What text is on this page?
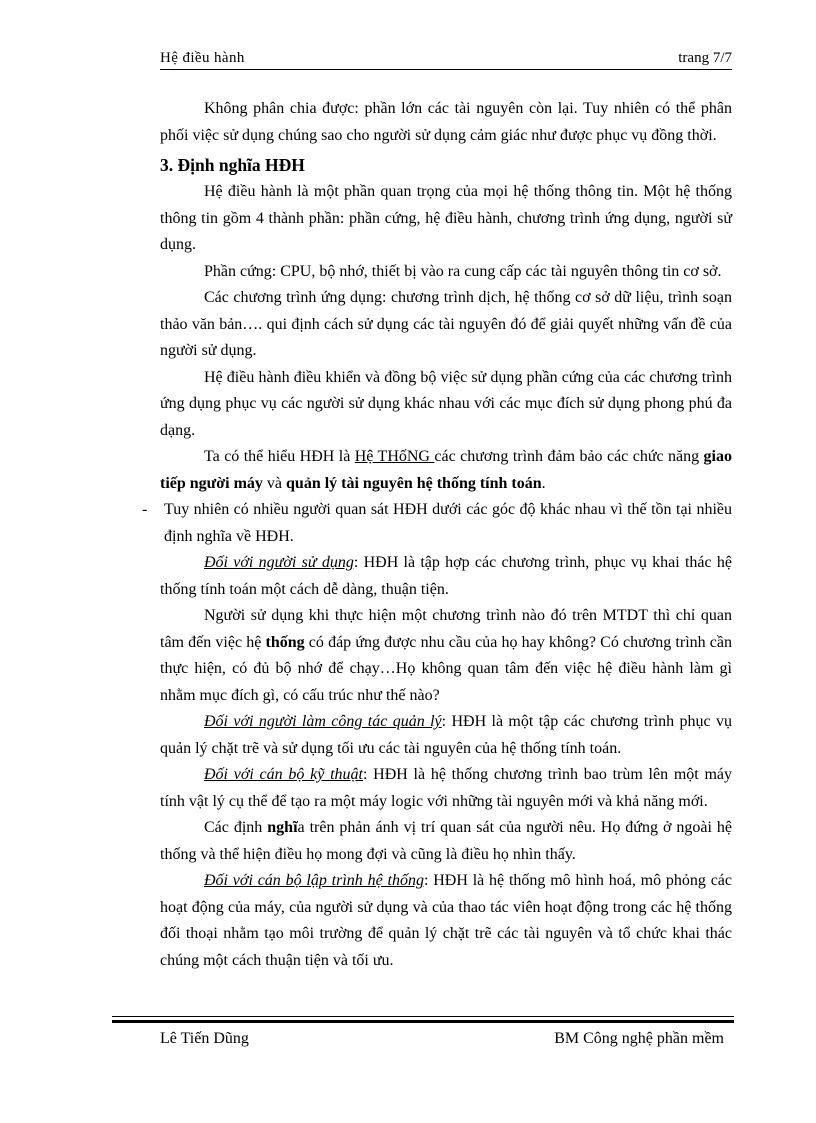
Hệ điều hành	trang 7/7

Không phân chia được: phần lớn các tài nguyên còn lại. Tuy nhiên có thể phân phối việc sử dụng chúng sao cho người sử dụng cảm giác như được phục vụ đồng thời.

3. Định nghĩa HĐH

Hệ điều hành là một phần quan trọng của mọi hệ thống thông tin. Một hệ thống thông tin gồm 4 thành phần: phần cứng, hệ điều hành, chương trình ứng dụng, người sử dụng.

Phần cứng: CPU, bộ nhớ, thiết bị vào ra cung cấp các tài nguyên thông tin cơ sở.

Các chương trình ứng dụng: chương trình dịch, hệ thống cơ sở dữ liệu, trình soạn thảo văn bản…. qui định cách sử dụng các tài nguyên đó để giải quyết những vấn đề của người sử dụng.

Hệ điều hành điều khiển và đồng bộ việc sử dụng phần cứng của các chương trình ứng dụng phục vụ các người sử dụng khác nhau với các mục đích sử dụng phong phú đa dạng.

Ta có thể hiểu HĐH là Hệ THốNG các chương trình đảm bảo các chức năng giao tiếp người máy và quản lý tài nguyên hệ thống tính toán.

-	Tuy nhiên có nhiều người quan sát HĐH dưới các góc độ khác nhau vì thế tồn tại nhiều định nghĩa về HĐH.

Đối với người sử dụng: HĐH là tập hợp các chương trình, phục vụ khai thác hệ thống tính toán một cách dễ dàng, thuận tiện.

Người sử dụng khi thực hiện một chương trình nào đó trên MTDT thì chỉ quan tâm đến việc hệ thống có đáp ứng được nhu cầu của họ hay không? Có chương trình cần thực hiện, có đủ bộ nhớ để chạy…Họ không quan tâm đến việc hệ điều hành làm gì nhằm mục đích gì, có cấu trúc như thế nào?

Đối với người làm công tác quản lý: HĐH là một tập các chương trình phục vụ quản lý chặt trẽ và sử dụng tối ưu các tài nguyên của hệ thống tính toán.

Đối với cán bộ kỹ thuật: HĐH là hệ thống chương trình bao trùm lên một máy tính vật lý cụ thể để tạo ra một máy logic với những tài nguyên mới và khả năng mới.

Các định nghĩa trên phản ánh vị trí quan sát của người nêu. Họ đứng ở ngoài hệ thống và thể hiện điều họ mong đợi và cũng là điều họ nhìn thấy.

Đối với cán bộ lập trình hệ thống: HĐH là hệ thống mô hình hoá, mô phỏng các hoạt động của máy, của người sử dụng và của thao tác viên hoạt động trong các hệ thống đối thoại nhằm tạo môi trường để quản lý chặt trẽ các tài nguyên và tổ chức khai thác chúng một cách thuận tiện và tối ưu.

Lê Tiến Dũng	BM Công nghệ phần mềm
